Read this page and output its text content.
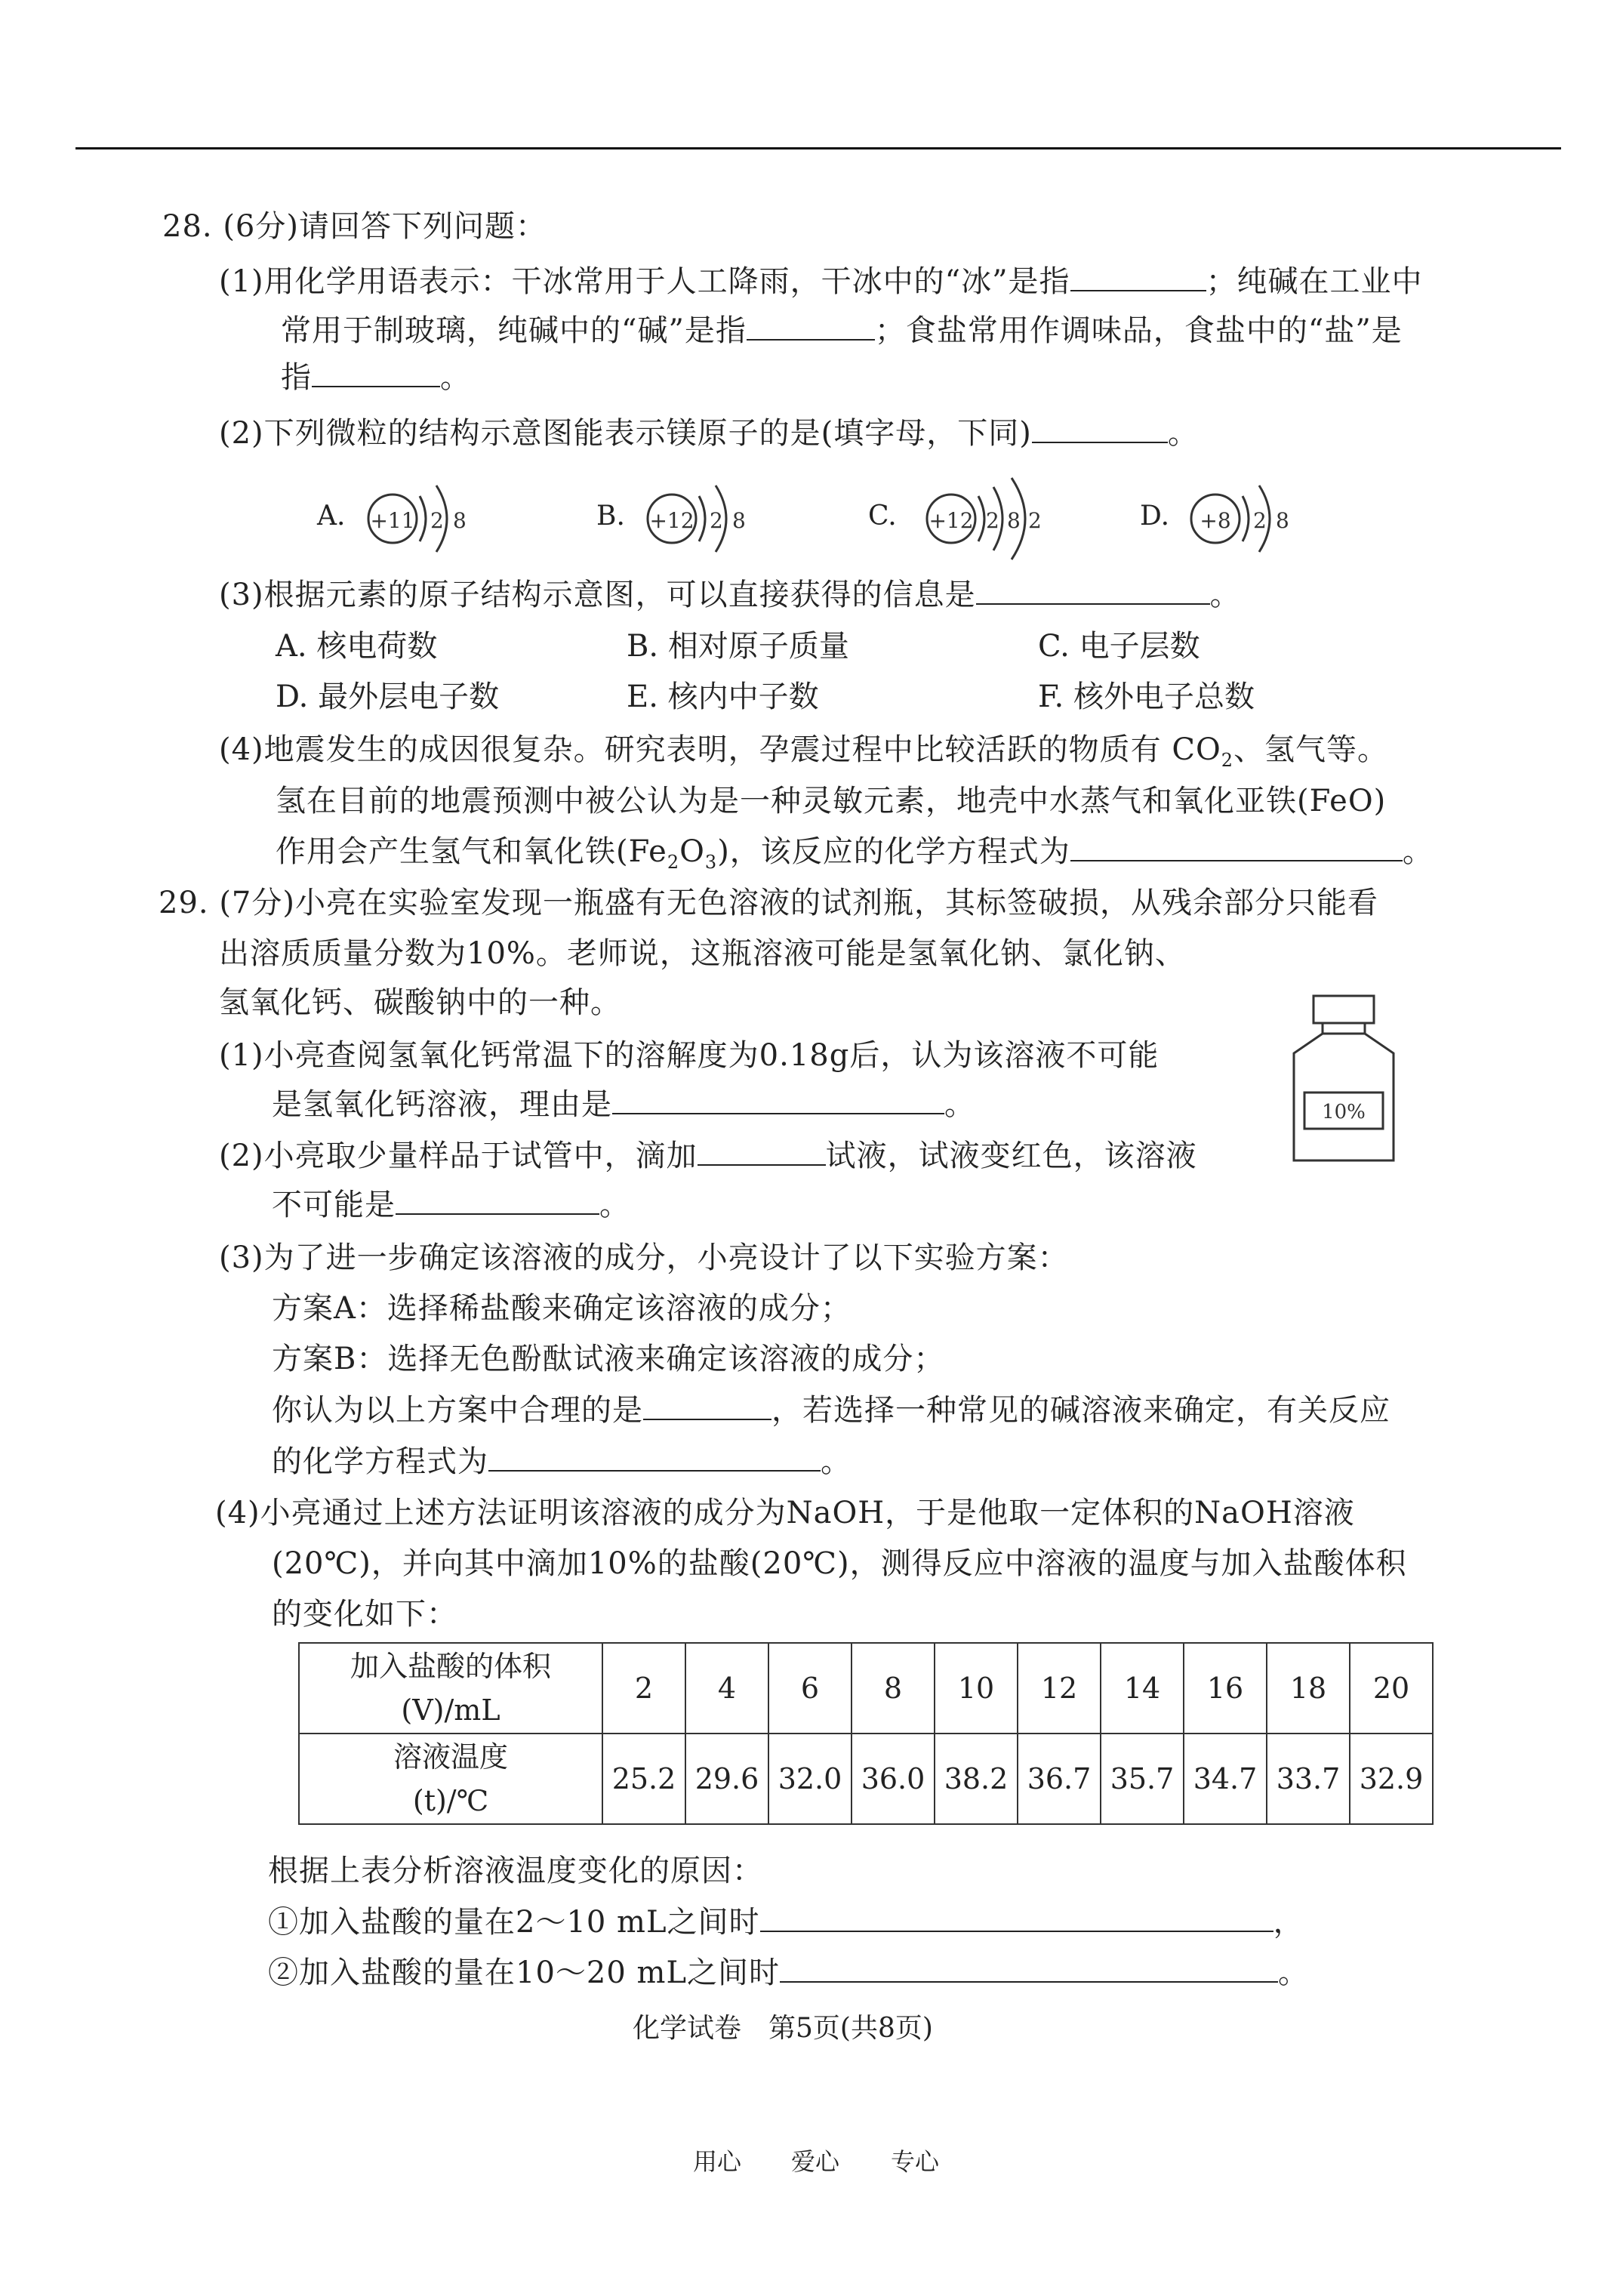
28. (6分)请回答下列问题：
(1)用化学用语表示：干冰常用于人工降雨，干冰中的“冰”是指	；纯碱在工业中
常用于制玻璃，纯碱中的“碱”是指	；食盐常用作调味品，食盐中的“盐”是
指	。
(2)下列微粒的结构示意图能表示镁原子的是(填字母，下同)	。
A. +11 2 8	B. +12 2 8	C. +12 2 8 2	D. +8 2 8
(3)根据元素的原子结构示意图，可以直接获得的信息是	。
A. 核电荷数	B. 相对原子质量	C. 电子层数
D. 最外层电子数	E. 核内中子数	F. 核外电子总数
(4)地震发生的成因很复杂。研究表明，孕震过程中比较活跃的物质有 $CO_2$、氢气等。
氢在目前的地震预测中被公认为是一种灵敏元素，地壳中水蒸气和氧化亚铁(FeO)
作用会产生氢气和氧化铁$(Fe_2O_3)$，该反应的化学方程式为	。
29. (7分)小亮在实验室发现一瓶盛有无色溶液的试剂瓶，其标签破损，从残余部分只能看
出溶质质量分数为10%。老师说，这瓶溶液可能是氢氧化钠、氯化钠、
氢氧化钙、碳酸钠中的一种。
10%
(1)小亮查阅氢氧化钙常温下的溶解度为0.18g后，认为该溶液不可能
是氢氧化钙溶液，理由是	。
(2)小亮取少量样品于试管中，滴加	试液，试液变红色，该溶液
不可能是	。
(3)为了进一步确定该溶液的成分，小亮设计了以下实验方案：
方案A：选择稀盐酸来确定该溶液的成分；
方案B：选择无色酚酞试液来确定该溶液的成分；
你认为以上方案中合理的是	，若选择一种常见的碱溶液来确定，有关反应
的化学方程式为	。
(4)小亮通过上述方法证明该溶液的成分为NaOH，于是他取一定体积的NaOH溶液
(20℃)，并向其中滴加10%的盐酸(20℃)，测得反应中溶液的温度与加入盐酸体积
的变化如下：
加入盐酸的体积
(V)/mL	2	4	6	8	10	12	14	16	18	20

溶液温度
(t)/℃	25.2	29.6	32.0	36.0	38.2	36.7	35.7	34.7	33.7	32.9
根据上表分析溶液温度变化的原因：
①加入盐酸的量在2～10 mL之间时	，
②加入盐酸的量在10～20 mL之间时	。
化学试卷　第5页(共8页)
用心 爱心 专心
